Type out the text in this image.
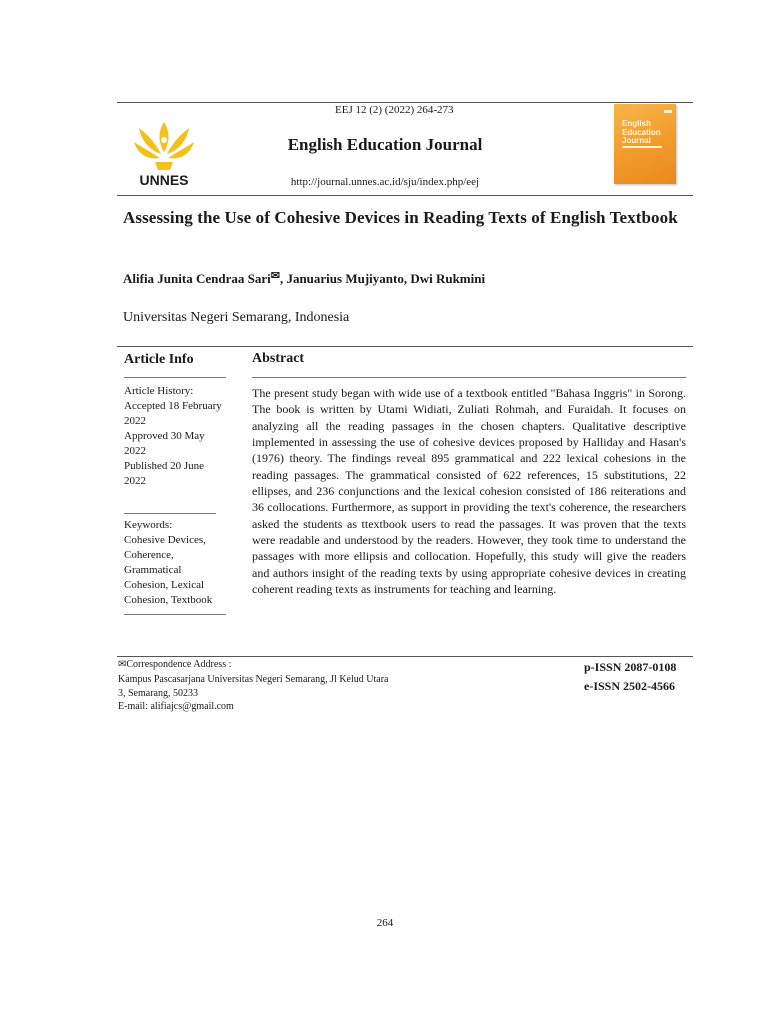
UNNES
EEJ 12 (2) (2022) 264-273
English Education Journal
http://journal.unnes.ac.id/sju/index.php/eej
English
Education
Journal
Assessing the Use of Cohesive Devices in Reading Texts of English Textbook
Alifia Junita Cendraa Sari✉, Januarius Mujiyanto, Dwi Rukmini
Universitas Negeri Semarang, Indonesia
Article Info
Article History:
Accepted 18 February
2022
Approved 30 May
2022
Published 20 June
2022
Keywords:
Cohesive Devices,
Coherence,
Grammatical
Cohesion, Lexical
Cohesion, Textbook
Abstract
The present study began with wide use of a textbook entitled "Bahasa Inggris" in Sorong. The book is written by Utami Widiati, Zuliati Rohmah, and Furaidah. It focuses on analyzing all the reading passages in the chosen chapters. Qualitative descriptive implemented in assessing the use of cohesive devices proposed by Halliday and Hasan's (1976) theory. The findings reveal 895 grammatical and 222 lexical cohesions in the reading passages. The grammatical consisted of 622 references, 15 substitutions, 22 ellipses, and 236 conjunctions and the lexical cohesion consisted of 186 reiterations and 36 collocations. Furthermore, as support in providing the text's coherence, the researchers asked the students as ttextbook users to read the passages. It was proven that the texts were readable and understood by the readers. However, they took time to understand the passages with more ellipsis and collocation. Hopefully, this study will give the readers and authors insight of the reading texts by using appropriate cohesive devices in creating coherent reading texts as instruments for teaching and learning.
✉Correspondence Address :
Kampus Pascasarjana Universitas Negeri Semarang, Jl Kelud Utara
3, Semarang, 50233
E-mail: alifiajcs@gmail.com
p-ISSN 2087-0108
e-ISSN 2502-4566
264
